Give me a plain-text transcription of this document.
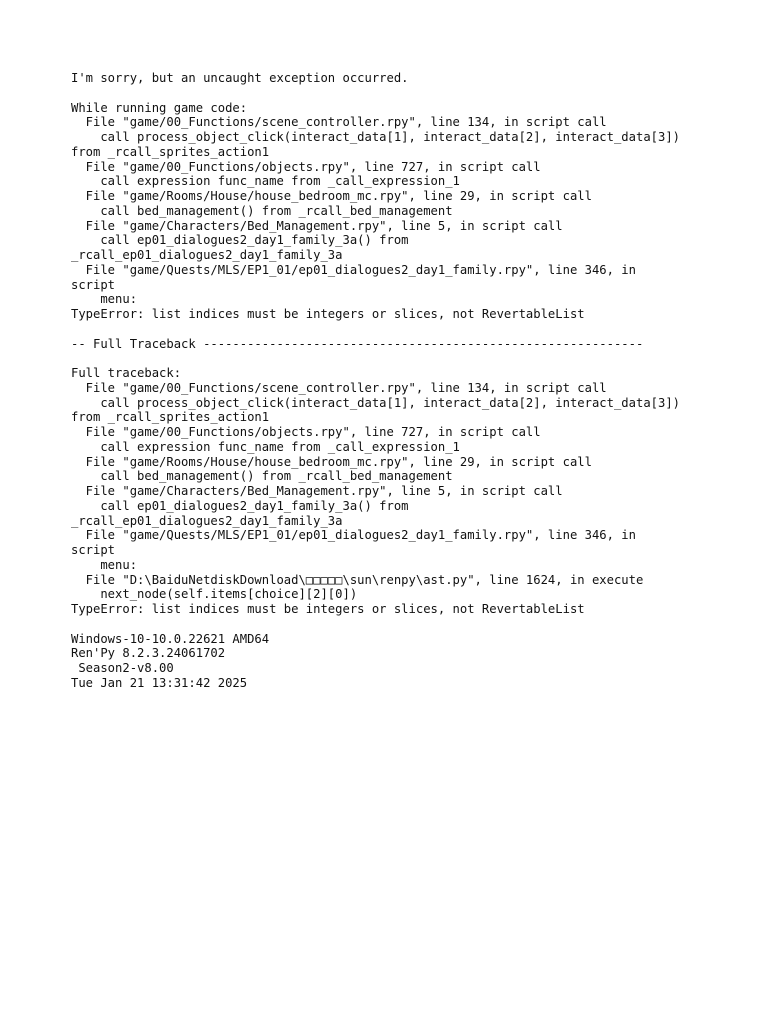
I'm sorry, but an uncaught exception occurred.
While running game code:
File "game/00_Functions/scene_controller.rpy", line 134, in script call
call process_object_click(interact_data[1], interact_data[2], interact_data[3])
from _rcall_sprites_action1
File "game/00_Functions/objects.rpy", line 727, in script call
call expression func_name from _call_expression_1
File "game/Rooms/House/house_bedroom_mc.rpy", line 29, in script call
call bed_management() from _rcall_bed_management
File "game/Characters/Bed_Management.rpy", line 5, in script call
call ep01_dialogues2_day1_family_3a() from
_rcall_ep01_dialogues2_day1_family_3a
File "game/Quests/MLS/EP1_01/ep01_dialogues2_day1_family.rpy", line 346, in
script
menu:
TypeError: list indices must be integers or slices, not RevertableList
-- Full Traceback ------------------------------------------------------------
Full traceback:
File "game/00_Functions/scene_controller.rpy", line 134, in script call
call process_object_click(interact_data[1], interact_data[2], interact_data[3])
from _rcall_sprites_action1
File "game/00_Functions/objects.rpy", line 727, in script call
call expression func_name from _call_expression_1
File "game/Rooms/House/house_bedroom_mc.rpy", line 29, in script call
call bed_management() from _rcall_bed_management
File "game/Characters/Bed_Management.rpy", line 5, in script call
call ep01_dialogues2_day1_family_3a() from
_rcall_ep01_dialogues2_day1_family_3a
File "game/Quests/MLS/EP1_01/ep01_dialogues2_day1_family.rpy", line 346, in
script
menu:
File "D:\BaiduNetdiskDownload\□□□□□\sun\renpy\ast.py", line 1624, in execute
next_node(self.items[choice][2][0])
TypeError: list indices must be integers or slices, not RevertableList
Windows-10-10.0.22621 AMD64
Ren'Py 8.2.3.24061702
Season2-v8.00
Tue Jan 21 13:31:42 2025
